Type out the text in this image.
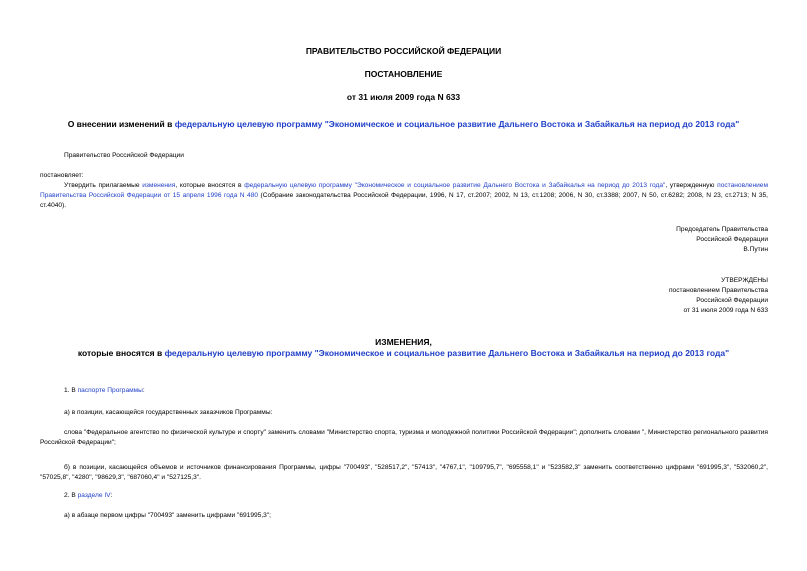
ПРАВИТЕЛЬСТВО РОССИЙСКОЙ ФЕДЕРАЦИИ
ПОСТАНОВЛЕНИЕ
от 31 июля 2009 года N 633
О внесении изменений в федеральную целевую программу "Экономическое и социальное развитие Дальнего Востока и Забайкалья на период до 2013 года"
Правительство Российской Федерации
постановляет:
Утвердить прилагаемые изменения, которые вносятся в федеральную целевую программу "Экономическое и социальное развитие Дальнего Востока и Забайкалья на период до 2013 года", утвержденную постановлением Правительства Российской Федерации от 15 апреля 1996 года N 480 (Собрание законодательства Российской Федерации, 1996, N 17, ст.2007; 2002, N 13, ст.1208; 2006, N 30, ст.3388; 2007, N 50, ст.6282; 2008, N 23, ст.2713; N 35, ст.4040).
Председатель Правительства
Российской Федерации
В.Путин
УТВЕРЖДЕНЫ
постановлением Правительства
Российской Федерации
от 31 июля 2009 года N 633
ИЗМЕНЕНИЯ,
которые вносятся в федеральную целевую программу "Экономическое и социальное развитие Дальнего Востока и Забайкалья на период до 2013 года"
1. В паспорте Программы:
а) в позиции, касающейся государственных заказчиков Программы:
слова "Федеральное агентство по физической культуре и спорту" заменить словами "Министерство спорта, туризма и молодежной политики Российской Федерации"; дополнить словами ", Министерство регионального развития Российской Федерации";
б) в позиции, касающейся объемов и источников финансирования Программы, цифры "700493", "528517,2", "57413", "4767,1", "109795,7", "695558,1" и "523582,3" заменить соответственно цифрами "691995,3", "532060,2", "57025,8", "4280", "98629,3", "687060,4" и "527125,3".
2. В разделе IV:
а) в абзаце первом цифры "700493" заменить цифрами "691995,3";
